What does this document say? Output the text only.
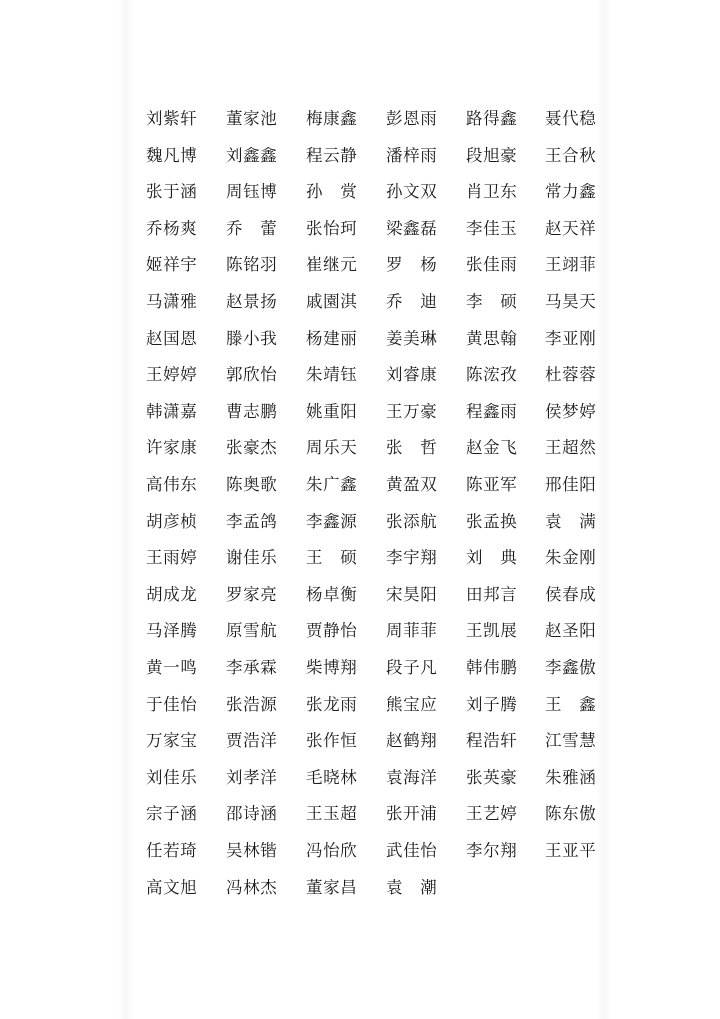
刘紫轩	董家池	梅康鑫	彭恩雨	路得鑫	聂代稳
魏凡博	刘鑫鑫	程云静	潘梓雨	段旭豪	王合秋
张于涵	周钰博	孙　赏	孙文双	肖卫东	常力鑫
乔杨爽	乔　蕾	张怡珂	梁鑫磊	李佳玉	赵天祥
姬祥宇	陈铭羽	崔继元	罗　杨	张佳雨	王翊菲
马潇雅	赵景扬	戚園淇	乔　迪	李　硕	马昊天
赵国恩	滕小我	杨建丽	姜美琳	黄思翰	李亚刚
王婷婷	郭欣怡	朱靖钰	刘睿康	陈浤孜	杜蓉蓉
韩潇嘉	曹志鹏	姚重阳	王万豪	程鑫雨	侯梦婷
许家康	张豪杰	周乐天	张　哲	赵金飞	王超然
高伟东	陈奥歌	朱广鑫	黄盈双	陈亚军	邢佳阳
胡彦桢	李孟鸽	李鑫源	张添航	张孟换	袁　满
王雨婷	谢佳乐	王　硕	李宇翔	刘　典	朱金刚
胡成龙	罗家亮	杨卓衡	宋昊阳	田邦言	侯春成
马泽腾	原雪航	贾静怡	周菲菲	王凯展	赵圣阳
黄一鸣	李承霖	柴博翔	段子凡	韩伟鹏	李鑫傲
于佳怡	张浩源	张龙雨	熊宝应	刘子腾	王　鑫
万家宝	贾浩洋	张作恒	赵鹤翔	程浩轩	江雪慧
刘佳乐	刘孝洋	毛晓林	袁海洋	张英豪	朱雅涵
宗子涵	邵诗涵	王玉超	张开浦	王艺婷	陈东傲
任若琦	吴林锴	冯怡欣	武佳怡	李尔翔	王亚平
高文旭	冯林杰	董家昌	袁　潮
